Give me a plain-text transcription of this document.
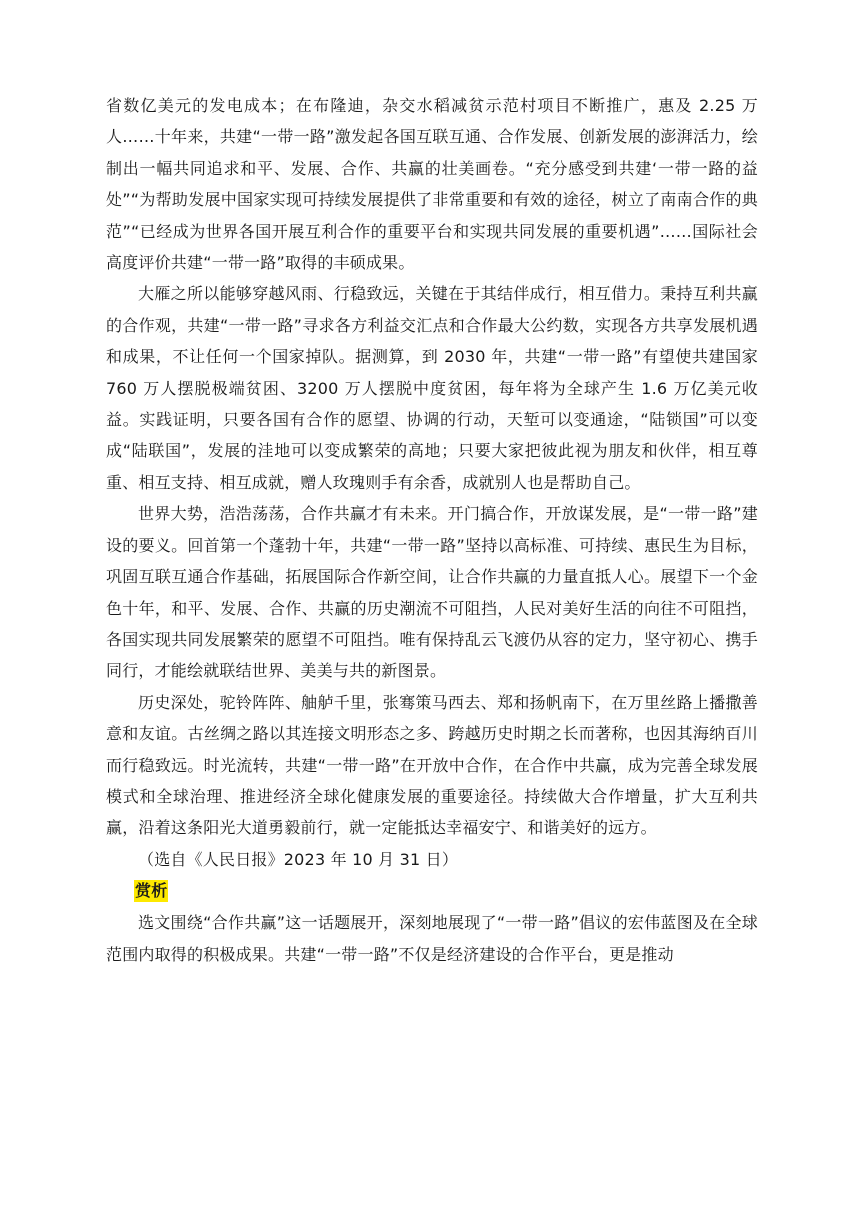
省数亿美元的发电成本；在布隆迪，杂交水稻减贫示范村项目不断推广，惠及 2.25 万人……十年来，共建“一带一路”激发起各国互联互通、合作发展、创新发展的澎湃活力，绘制出一幅共同追求和平、发展、合作、共赢的壮美画卷。“充分感受到共建‘一带一路的益处”“为帮助发展中国家实现可持续发展提供了非常重要和有效的途径，树立了南南合作的典范”“已经成为世界各国开展互利合作的重要平台和实现共同发展的重要机遇”……国际社会高度评价共建“一带一路”取得的丰硕成果。

大雁之所以能够穿越风雨、行稳致远，关键在于其结伴成行，相互借力。秉持互利共赢的合作观，共建“一带一路”寻求各方利益交汇点和合作最大公约数，实现各方共享发展机遇和成果，不让任何一个国家掉队。据测算，到 2030 年，共建“一带一路”有望使共建国家 760 万人摆脱极端贫困、3200 万人摆脱中度贫困，每年将为全球产生 1.6 万亿美元收益。实践证明，只要各国有合作的愿望、协调的行动，天堑可以变通途，“陆锁国”可以变成“陆联国”，发展的洼地可以变成繁荣的高地；只要大家把彼此视为朋友和伙伴，相互尊重、相互支持、相互成就，赠人玫瑰则手有余香，成就别人也是帮助自己。

世界大势，浩浩荡荡，合作共赢才有未来。开门搞合作，开放谋发展，是“一带一路”建设的要义。回首第一个蓬勃十年，共建“一带一路”坚持以高标准、可持续、惠民生为目标，巩固互联互通合作基础，拓展国际合作新空间，让合作共赢的力量直抵人心。展望下一个金色十年，和平、发展、合作、共赢的历史潮流不可阻挡，人民对美好生活的向往不可阻挡，各国实现共同发展繁荣的愿望不可阻挡。唯有保持乱云飞渡仍从容的定力，坚守初心、携手同行，才能绘就联结世界、美美与共的新图景。

历史深处，驼铃阵阵、舳舻千里，张骞策马西去、郑和扬帆南下，在万里丝路上播撒善意和友谊。古丝绸之路以其连接文明形态之多、跨越历史时期之长而著称，也因其海纳百川而行稳致远。时光流转，共建“一带一路”在开放中合作，在合作中共赢，成为完善全球发展模式和全球治理、推进经济全球化健康发展的重要途径。持续做大合作增量，扩大互利共赢，沿着这条阳光大道勇毅前行，就一定能抵达幸福安宁、和谐美好的远方。

（选自《人民日报》2023 年 10 月 31 日）

赏析

选文围绕“合作共赢”这一话题展开，深刻地展现了“一带一路”倡议的宏伟蓝图及在全球范围内取得的积极成果。共建“一带一路”不仅是经济建设的合作平台，更是推动
